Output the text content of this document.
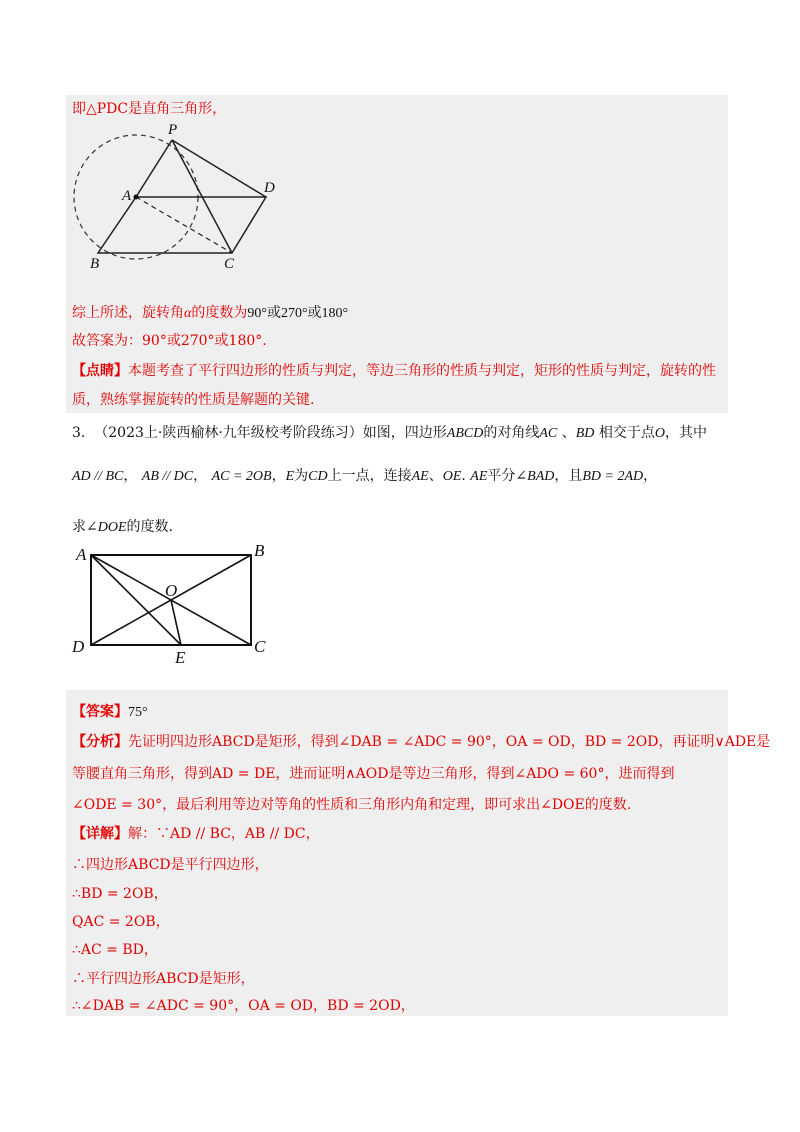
即△PDC是直角三角形，
P
A	D
B	C
综上所述，旋转角α的度数为90°或270°或180°
故答案为：90°或270°或180°.
【点睛】本题考查了平行四边形的性质与判定，等边三角形的性质与判定，矩形的性质与判定，旋转的性
质，熟练掌握旋转的性质是解题的关键.
3. （2023上·陕西榆林·九年级校考阶段练习）如图，四边形ABCD的对角线AC 、BD 相交于点O，其中
AD // BC， AB // DC， AC = 2OB，E为CD上一点，连接AE、OE. AE平分∠BAD，且BD = 2AD，
求∠DOE的度数.
A	B
O
D
E
C
【答案】75°
【分析】先证明四边形ABCD是矩形，得到∠DAB = ∠ADC = 90°，OA = OD，BD = 2OD，再证明∨ADE是
等腰直角三角形，得到AD = DE，进而证明∧AOD是等边三角形，得到∠ADO = 60°，进而得到
∠ODE = 30°，最后利用等边对等角的性质和三角形内角和定理，即可求出∠DOE的度数.
【详解】解：∵AD // BC，AB // DC，
∴四边形ABCD是平行四边形，
∴BD = 2OB，
QAC = 2OB，
∴AC = BD，
∴平行四边形ABCD是矩形，
∴∠DAB = ∠ADC = 90°，OA = OD，BD = 2OD，
